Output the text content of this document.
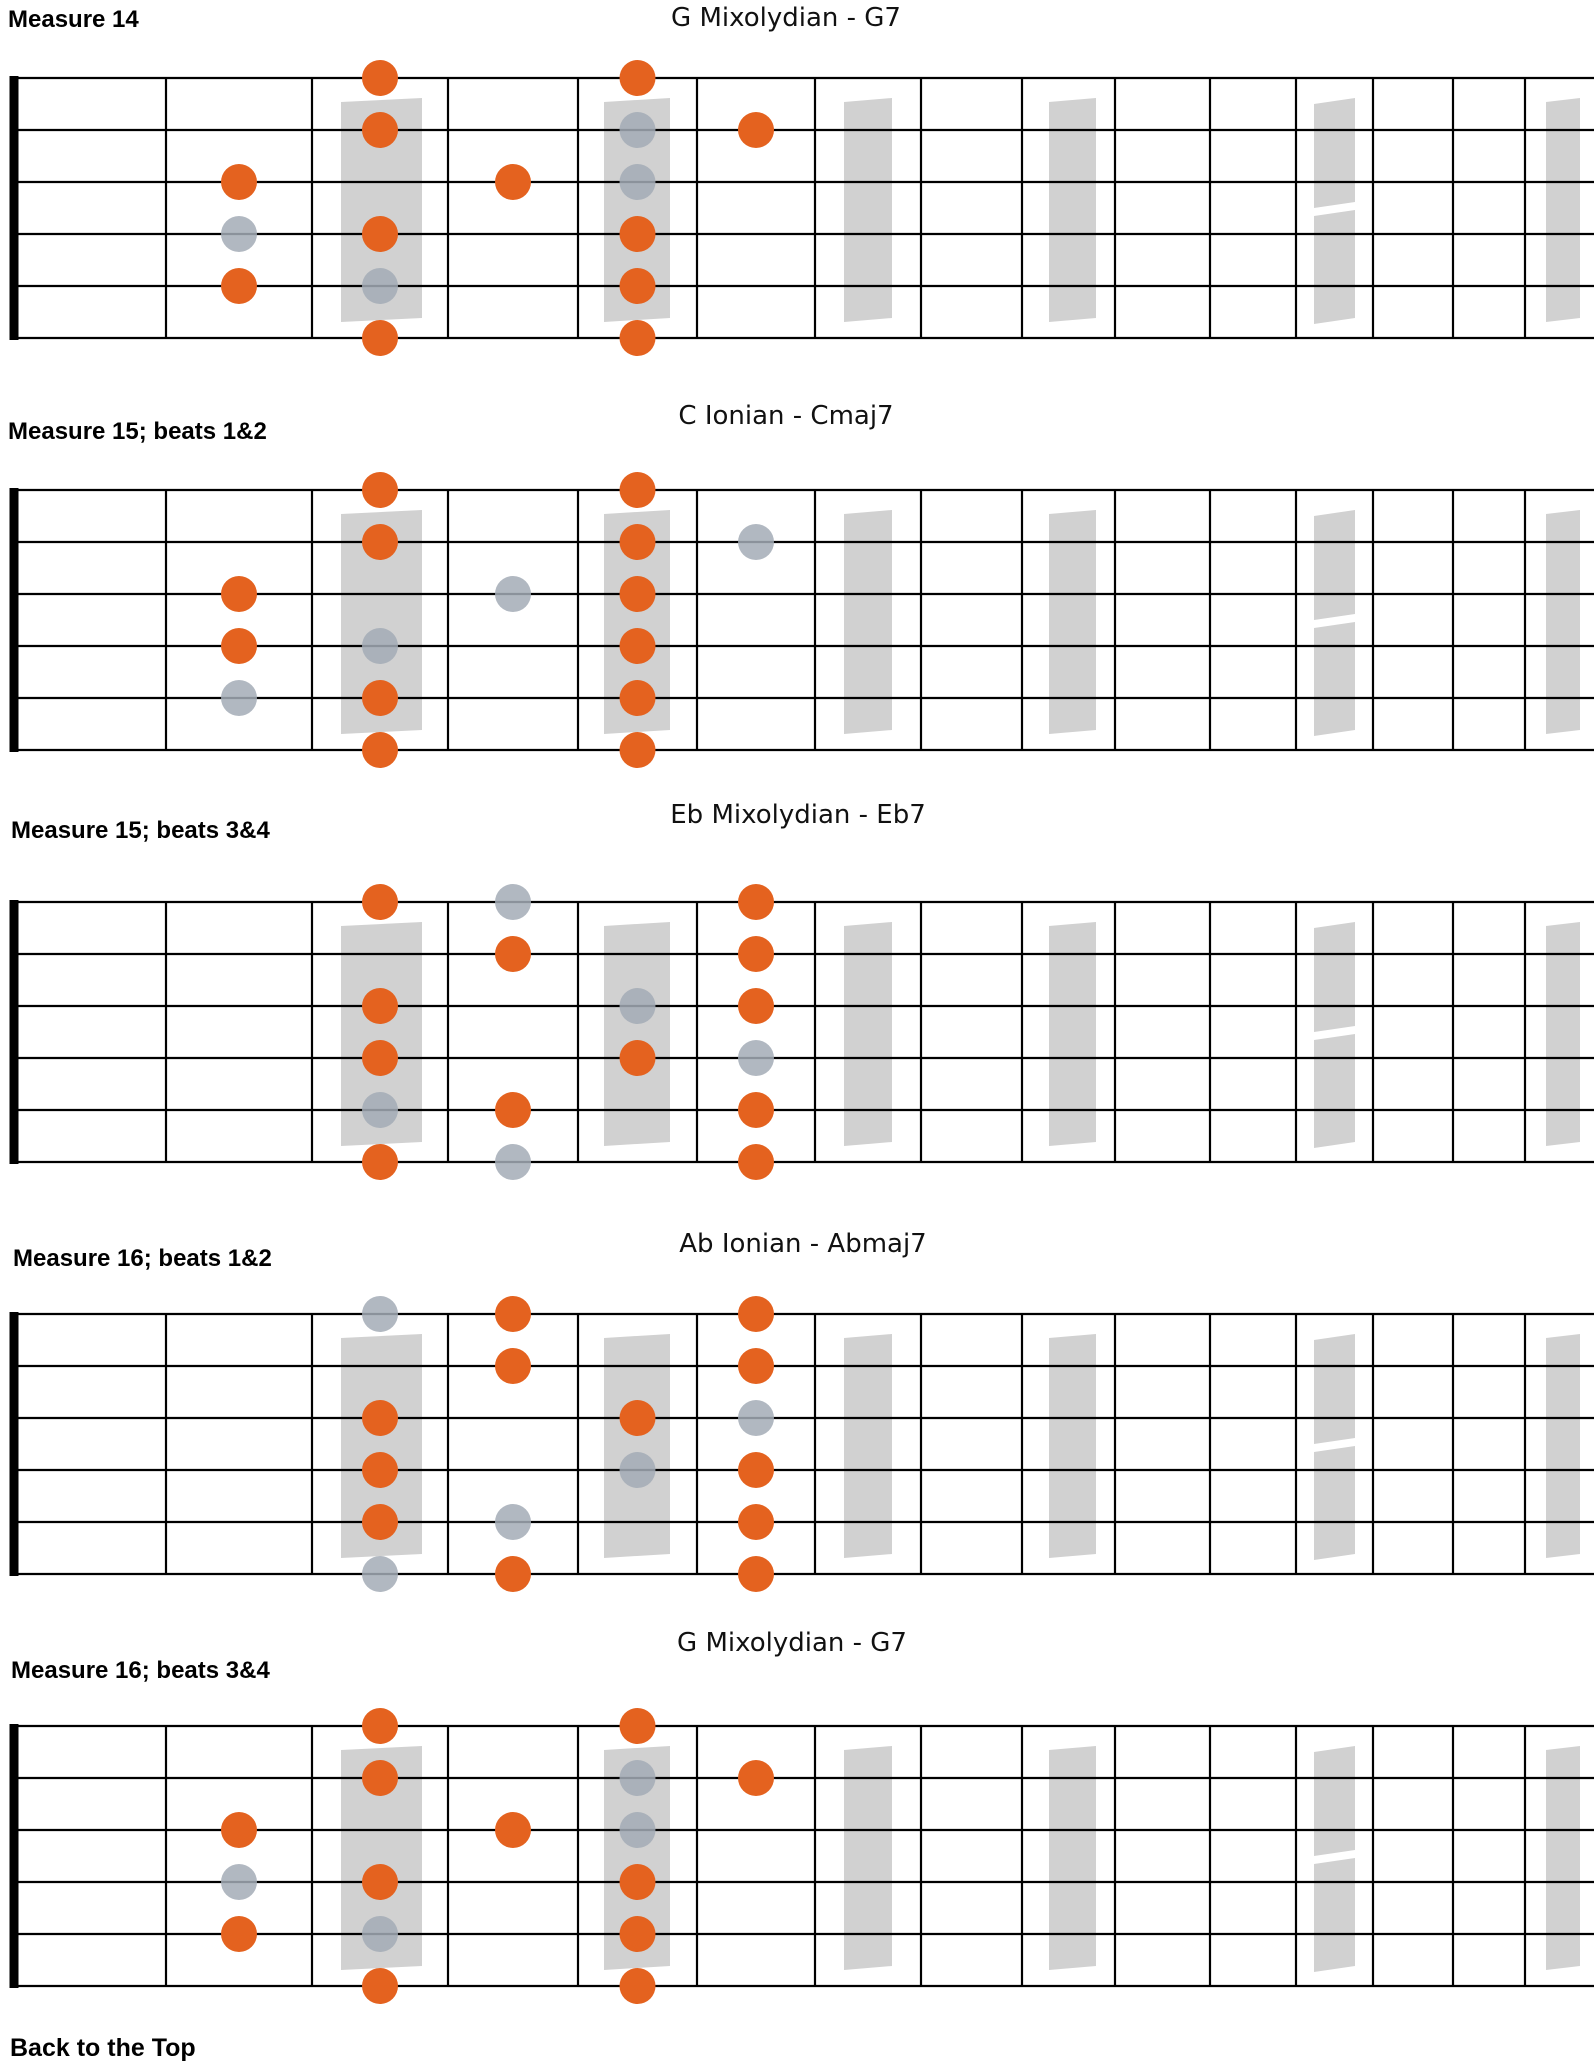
Measure 14	G Mixolydian - G7
Measure 15; beats 1&2
C Ionian - Cmaj7
Measure 15; beats 3&4
Eb Mixolydian - Eb7
Measure 16; beats 1&2	Ab Ionian - Abmaj7
Measure 16; beats 3&4
G Mixolydian - G7
Back to the Top
